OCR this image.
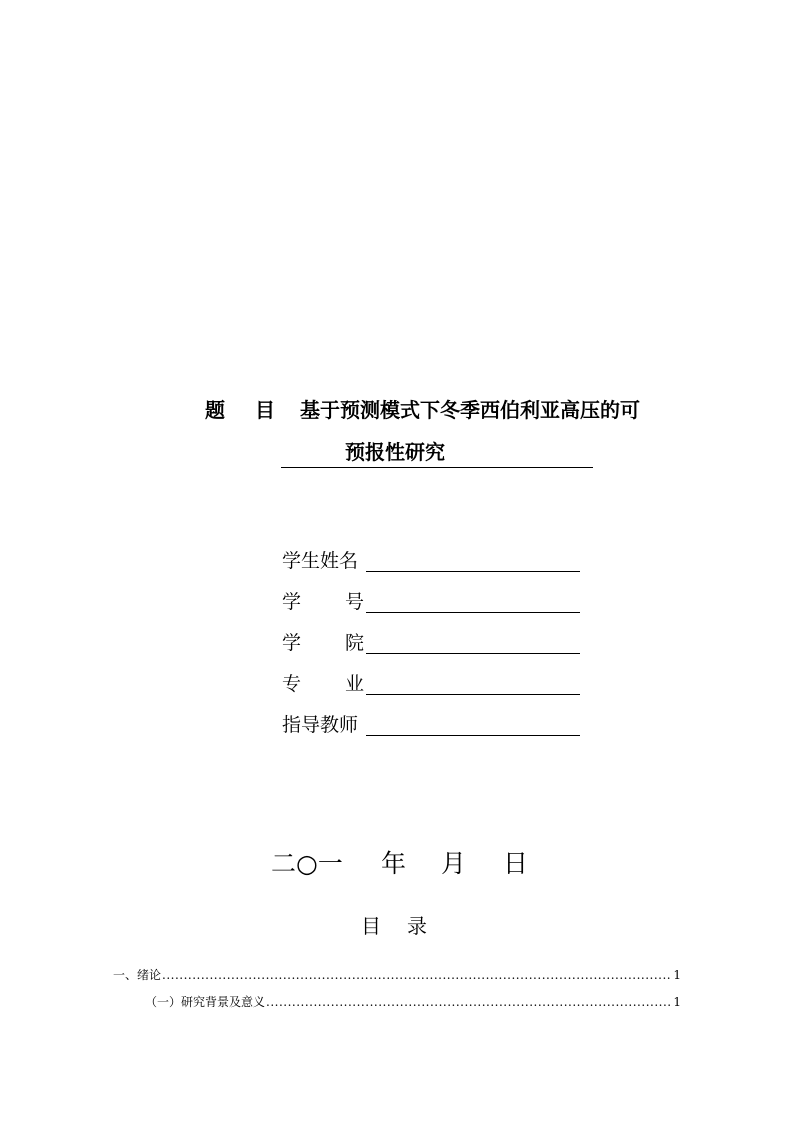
题 目 基于预测模式下冬季西伯利亚高压的可
预报性研究
学生姓名
学 号
学 院
专 业
指导教师
二○一 年 月 日
目 录
一、绪论 .....	1
（一）研究背景及意义 .....	1
